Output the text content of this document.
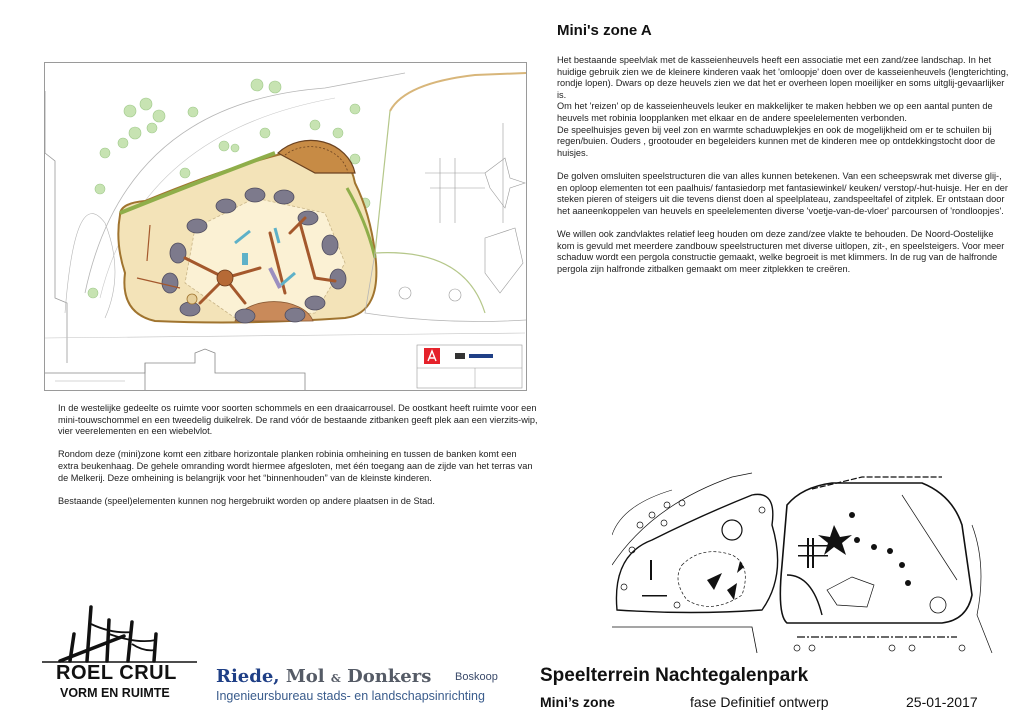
Mini's zone A

Het bestaande speelvlak met de kasseienheuvels heeft een associatie met een zand/zee landschap. In het huidige gebruik zien we de kleinere kinderen vaak het 'omloopje' doen over de kasseienheuvels (lengterichting, rondje lopen). Dwars op deze heuvels zien we dat het er overheen lopen moeilijker en soms uitglij-gevaarlijker is.
Om het 'reizen' op de kasseienheuvels leuker en makkelijker te maken hebben we op een aantal punten de heuvels met robinia loopplanken met elkaar en de andere speelelementen verbonden.
De speelhuisjes geven bij veel zon en warmte schaduwplekjes en ook de mogelijkheid om er te schuilen bij regen/buien. Ouders , grootouder en begeleiders kunnen met de kinderen mee op ontdekkingstocht door de huisjes.

De golven omsluiten speelstructuren die van alles kunnen betekenen. Van een scheepswrak met diverse glij-, en oploop elementen tot een paalhuis/ fantasiedorp met fantasiewinkel/ keuken/ verstop/-hut-huisje. Her en der steken pieren of steigers uit die tevens dienst doen al speelplateau, zandspeeltafel of zitplek. Er ontstaan door het aaneenkoppelen van heuvels en speelelementen diverse 'voetje-van-de-vloer' parcoursen of 'rondloopjes'.

We willen ook zandvlaktes relatief leeg houden om deze zand/zee vlakte te behouden. De Noord-Oostelijke kom is gevuld met meerdere zandbouw speelstructuren met diverse uitlopen, zit-, en speelsteigers. Voor meer schaduw wordt een pergola constructie gemaakt, welke begroeit is met klimmers. In de rug van de halfronde pergola zijn halfronde zitbalken gemaakt om meer zitplekken te creëren.

In de westelijke gedeelte os ruimte voor soorten schommels en een draaicarrousel. De oostkant heeft ruimte voor een mini-touwschommel en een tweedelig duikelrek. De rand vóór de bestaande zitbanken geeft plek aan een vierzits-wip, vier veerelementen en een wiebelvlot.

Rondom deze (mini)zone komt een zitbare horizontale planken robinia omheining en tussen de banken komt een extra beukenhaag. De gehele omranding wordt hiermee afgesloten, met één toegang aan de zijde van het terras van de Melkerij. Deze omheining is belangrijk voor het “binnenhouden” van de kleinste kinderen.

Bestaande (speel)elementen kunnen nog hergebruikt worden op andere plaatsen in de Stad.

ROEL CRUL
VORM EN RUIMTE
Riede, Mol & Donkers Boskoop
Ingenieursbureau stads- en landschapsinrichting
Speelterrein Nachtegalenpark
Mini’s zone	fase Definitief ontwerp	25-01-2017
